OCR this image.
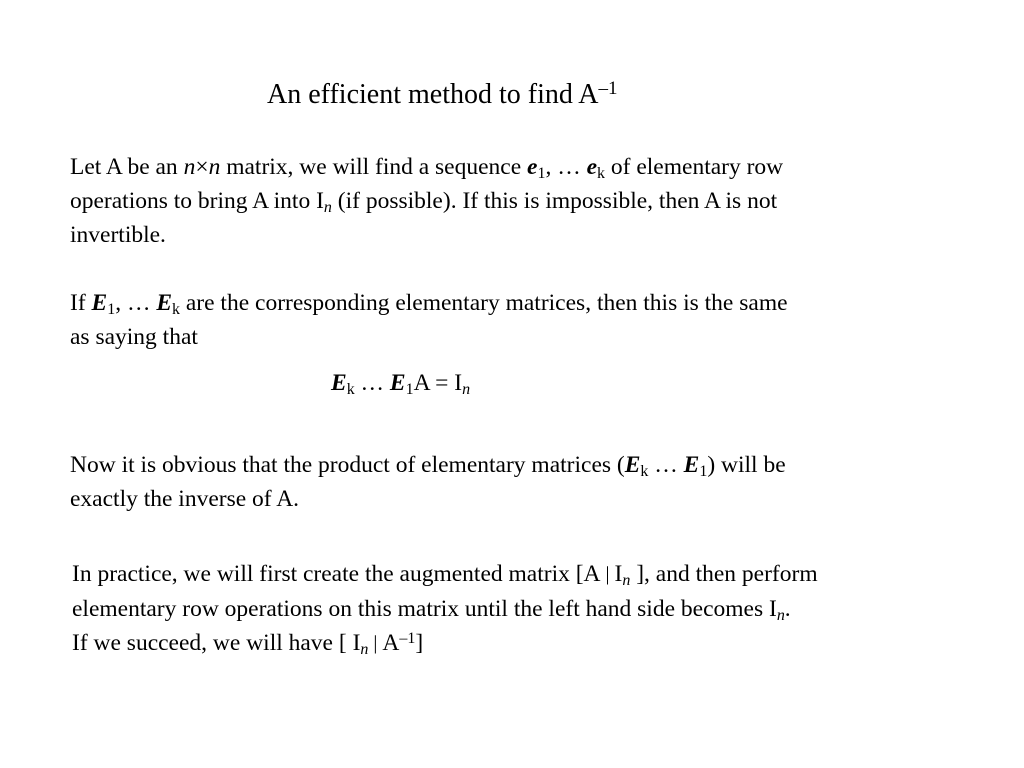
An efficient method to find $A^{-1}$
Let A be an n×n matrix, we will find a sequence $e_1$, … $e_k$ of elementary row
operations to bring A into $I_n$ (if possible). If this is impossible, then A is not
invertible.
If $E_1$, … $E_k$ are the corresponding elementary matrices, then this is the same
as saying that
$E_k$ … $E_1A = I_n$
Now it is obvious that the product of elementary matrices ($E_k$ … $E_1$) will be
exactly the inverse of A.
In practice, we will first create the augmented matrix [A | $I_n$ ], and then perform
elementary row operations on this matrix until the left hand side becomes $I_n$.
If we succeed, we will have [ $I_n$ | $A^{-1}$]
